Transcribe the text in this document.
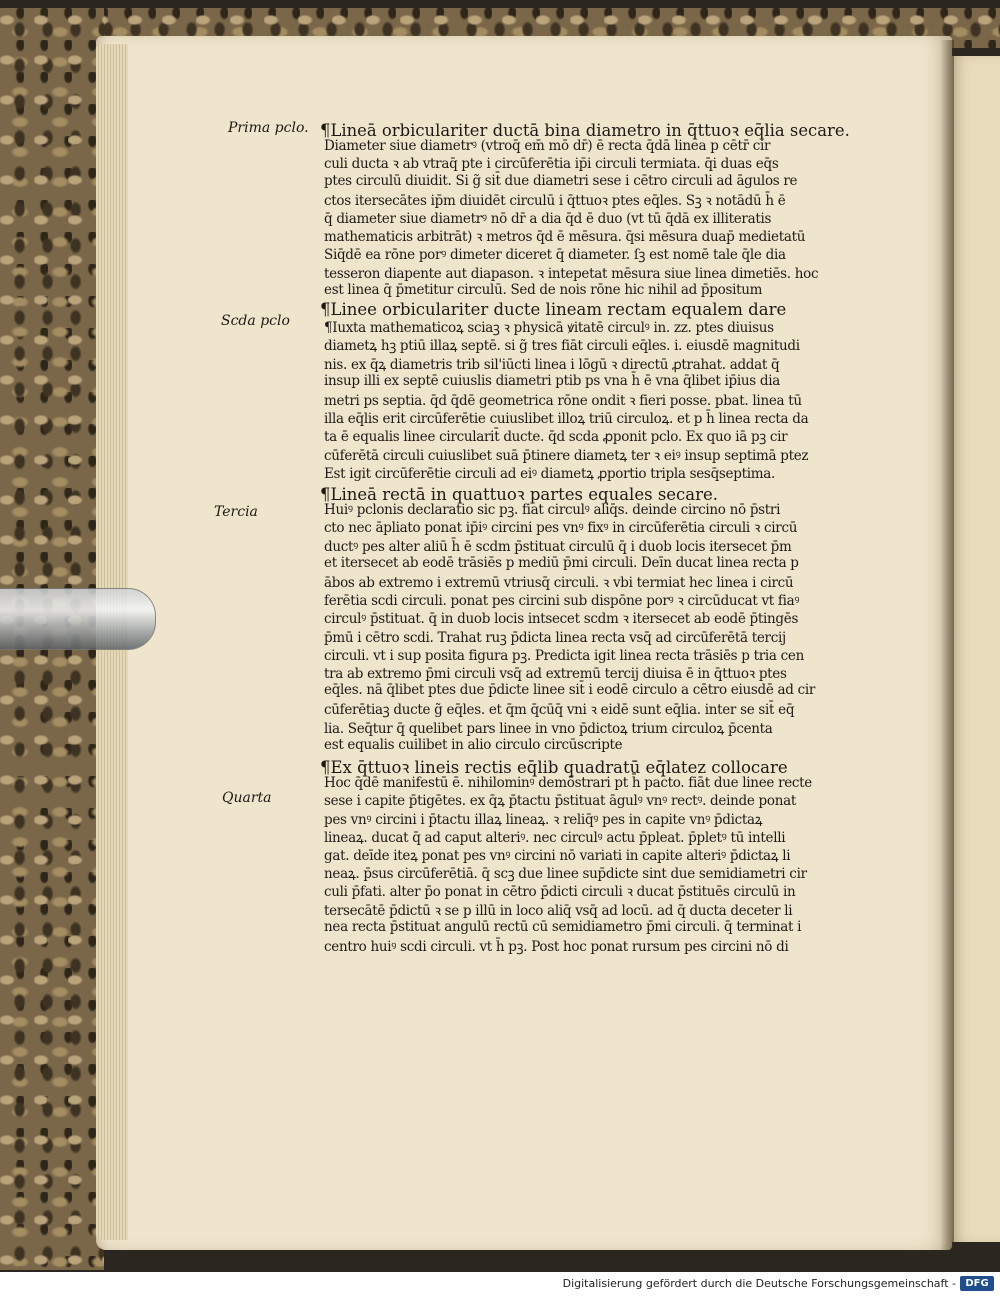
Prima pclo.
Scda pclo
Tercia
Quarta
¶Lineā orbiculariter ductā bina diametro in q̄ttuoꝛ eq̄lia secare.
Diameter siue diametrꝰ (vtroq̄ em̄ mō dr̄) ē recta q̄dā linea p cētr̄ cir
culi ducta ꝛ ab vtraq̄ pte i circūferētia ip̄i circuli termiata. q̄i duas eq̄s
ptes circulū diuidit. Si g̃ sit̄ due diametri sese i cētro circuli ad āgulos re
ctos itersecātes ip̄m diuidēt circulū i q̄ttuoꝛ ptes eq̄les. Sꝫ ꝛ notādū h̄ ē
q̄ diameter siue diametrꝰ nō dr̄ a dia q̄d ē duo (vt tū q̄dā ex illiteratis
mathematicis arbitrāt) ꝛ metros q̄d ē mēsura. q̄si mēsura duap̄ medietatū
Siq̄dē ea rōne porꝰ dimeter diceret q̄ diameter. ſꝫ est nomē tale q̄le dia
tesseron diapente aut diapason. ꝛ intepetat mēsura siue linea dimetiēs. hoc
est linea q̄ p̄metitur circulū. Sed de nois rōne hic nihil ad p̄positum
¶Linee orbiculariter ducte lineam rectam equalem dare
¶Iuxta mathematicoꝝ sciaꝫ ꝛ physicā ꝟitatē circulꝰ in. zz. ptes diuisus
diametꝝ hꝫ ptiū illaꝝ septē. si g̃ tres fiāt circuli eq̄les. i. eiusdē magnitudi
nis. ex q̄ꝝ diametris trib sil'iūcti linea i lōgū ꝛ directū ꝓtrahat. addat q̄
insup illi ex septē cuiuslis diametri ptib ps vna h̄ ē vna q̄libet ip̄ius dia
metri ps septia. q̄d q̄dē geometrica rōne ondit ꝛ fieri posse. pbat. linea tū
illa eq̄lis erit circūferētie cuiuslibet illoꝝ triū circuloꝝ. et p h̄ linea recta da
ta ē equalis linee circularit̄ ducte. q̄d scda ꝓponit pclo. Ex quo iā pꝫ cir
cūferētā circuli cuiuslibet suā p̄tinere diametꝝ ter ꝛ eiꝰ insup septimā ptez
Est igit circūferētie circuli ad eiꝰ diametꝝ ꝓportio tripla sesq̄septima.
¶Lineā rectā in quattuoꝛ partes equales secare.
Huiꝰ pclonis declaratio sic pꝫ. fiat circulꝰ aliq̄s. deinde circino nō p̄stri
cto nec āpliato ponat ip̄iꝰ circini pes vnꝰ fixꝰ in circūferētia circuli ꝛ circū
ductꝰ pes alter aliū h̄ ē scdm p̄stituat circulū q̄ i duob locis itersecet p̄m
et itersecet ab eodē trāsiēs p mediū p̄mi circuli. Deīn ducat linea recta p
ābos ab extremo i extremū vtriusq̄ circuli. ꝛ vbi termiat hec linea i circū
ferētia scdi circuli. ponat pes circini sub dispōne porꝰ ꝛ circūducat vt fiaꝰ
circulꝰ p̄stituat. q̄ in duob locis intsecet scdm ꝛ itersecet ab eodē p̄tingēs
p̄mū i cētro scdi. Trahat ruꝫ p̄dicta linea recta vsq̄ ad circūferētā tercij
circuli. vt i sup posita figura pꝫ. Predicta igit linea recta trāsiēs p tria cen
tra ab extremo p̄mi circuli vsq̄ ad extremū tercij diuisa ē in q̄ttuoꝛ ptes
eq̄les. nā q̄libet ptes due p̄dicte linee sit̄ i eodē circulo a cētro eiusdē ad cir
cūferētiaꝫ ducte g̃ eq̄les. et q̄m q̄cūq̄ vni ꝛ eidē sunt eq̄lia. inter se sit̄ eq̄
lia. Seq̄tur q̄ quelibet pars linee in vno p̄dictoꝝ trium circuloꝝ p̄centa
est equalis cuilibet in alio circulo circūscripte
¶Ex q̄ttuoꝛ lineis rectis eq̄lib quadratū eq̄latez collocare
Hoc q̄dē manifestū ē. nihilominꝰ demōstrari pt h̄ pacto. fiāt due linee recte
sese i capite p̄tigētes. ex q̄ꝝ p̄tactu p̄stituat āgulꝰ vnꝰ rectꝰ. deinde ponat
pes vnꝰ circini i p̄tactu illaꝝ lineaꝝ. ꝛ reliq̄ꝰ pes in capite vnꝰ p̄dictaꝝ
lineaꝝ. ducat q̄ ad caput alteriꝰ. nec circulꝰ actu p̄pleat. p̄pletꝰ tū intelli
gat. deīde iteꝝ ponat pes vnꝰ circini nō variati in capite alteriꝰ p̄dictaꝝ li
neaꝝ. p̄sus circūferētiā. q̄ scꝫ due linee sup̄dicte sint due semidiametri cir
culi p̄fati. alter p̄o ponat in cētro p̄dicti circuli ꝛ ducat p̄stituēs circulū in
tersecātē p̄dictū ꝛ se p illū in loco aliq̄ vsq̄ ad locū. ad q̄ ducta deceter li
nea recta p̄stituat angulū rectū cū semidiametro p̄mi circuli. q̄ terminat i
centro huiꝰ scdi circuli. vt h̄ pꝫ. Post hoc ponat rursum pes circini nō di
Digitalisierung gefördert durch die Deutsche Forschungsgemeinschaft - DFG
